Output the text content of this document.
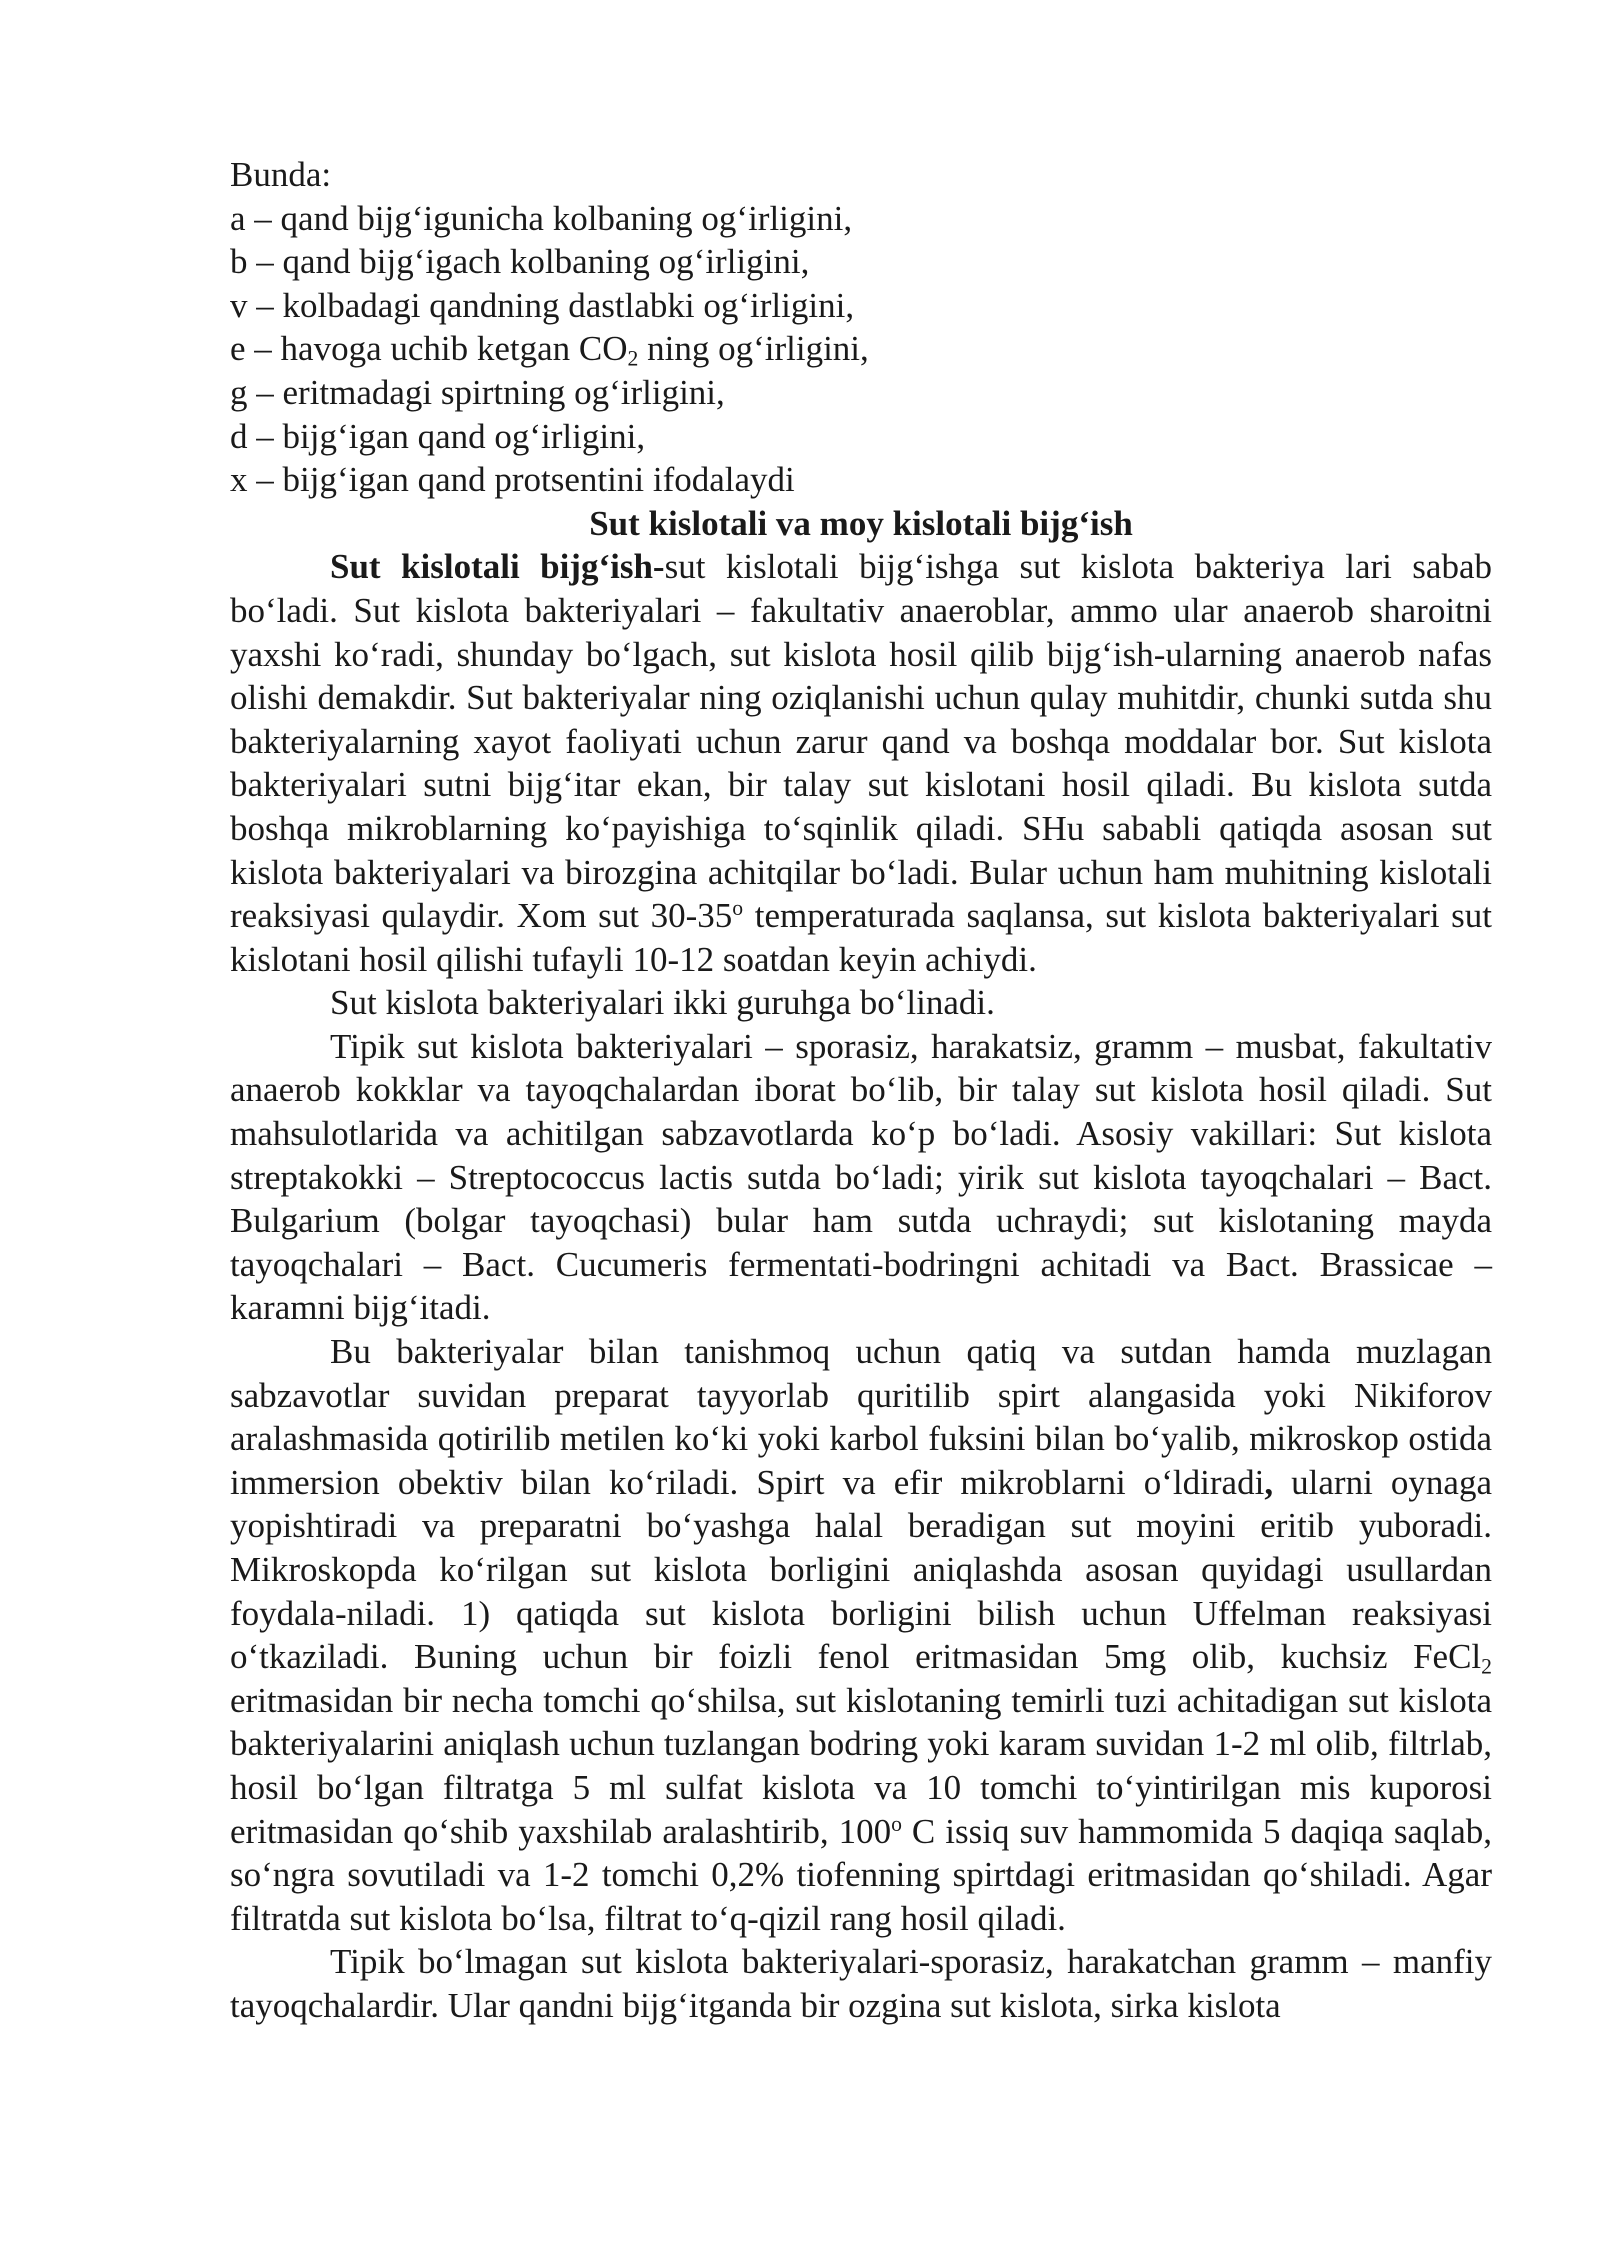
Bunda:

a – qand bijg‘igunicha kolbaning og‘irligini,

b – qand bijg‘igach kolbaning og‘irligini,

v – kolbadagi qandning dastlabki og‘irligini,

e – havoga uchib ketgan $CO_2$ ning og‘irligini,

g – eritmadagi spirtning og‘irligini,

d – bijg‘igan qand og‘irligini,

x – bijg‘igan qand protsentini ifodalaydi

Sut kislotali va moy kislotali bijg‘ish

Sut kislotali bijg‘ish-sut kislotali bijg‘ishga sut kislota bakteriya lari sabab bo‘ladi. Sut kislota bakteriyalari – fakultativ anaeroblar, ammo ular anaerob sharoitni yaxshi ko‘radi, shunday bo‘lgach, sut kislota hosil qilib bijg‘ish-ularning anaerob nafas olishi demakdir. Sut bakteriyalar ning oziqlanishi uchun qulay muhitdir, chunki sutda shu bakteriyalarning xayot faoliyati uchun zarur qand va boshqa moddalar bor. Sut kislota bakteriyalari sutni bijg‘itar ekan, bir talay sut kislotani hosil qiladi. Bu kislota sutda boshqa mikroblarning ko‘payishiga to‘sqinlik qiladi. SHu sababli qatiqda asosan sut kislota bakteriyalari va birozgina achitqilar bo‘ladi. Bular uchun ham muhitning kislotali reaksiyasi qulaydir. Xom sut 30-35$^o$ temperaturada saqlansa, sut kislota bakteriyalari sut kislotani hosil qilishi tufayli 10-12 soatdan keyin achiydi.

Sut kislota bakteriyalari ikki guruhga bo‘linadi.

Tipik sut kislota bakteriyalari – sporasiz, harakatsiz, gramm – musbat, fakultativ anaerob kokklar va tayoqchalardan iborat bo‘lib, bir talay sut kislota hosil qiladi. Sut mahsulotlarida va achitilgan sabzavotlarda ko‘p bo‘ladi. Asosiy vakillari: Sut kislota streptakokki – Streptococcus lactis sutda bo‘ladi; yirik sut kislota tayoqchalari – Bact. Bulgarium (bolgar tayoqchasi) bular ham sutda uchraydi; sut kislotaning mayda tayoqchalari – Bact. Cucumeris fermentati-bodringni achitadi va Bact. Brassicae – karamni bijg‘itadi.

Bu bakteriyalar bilan tanishmoq uchun qatiq va sutdan hamda muzlagan sabzavotlar suvidan preparat tayyorlab quritilib spirt alangasida yoki Nikiforov aralashmasida qotirilib metilen ko‘ki yoki karbol fuksini bilan bo‘yalib, mikroskop ostida immersion obektiv bilan ko‘riladi. Spirt va efir mikroblarni o‘ldiradi, ularni oynaga yopishtiradi va preparatni bo‘yashga halal beradigan sut moyini eritib yuboradi. Mikroskopda ko‘rilgan sut kislota borligini aniqlashda asosan quyidagi usullardan foydala-niladi. 1) qatiqda sut kislota borligini bilish uchun Uffelman reaksiyasi o‘tkaziladi. Buning uchun bir foizli fenol eritmasidan 5mg olib, kuchsiz FeCl$_2$ eritmasidan bir necha tomchi qo‘shilsa, sut kislotaning temirli tuzi achitadigan sut kislota bakteriyalarini aniqlash uchun tuzlangan bodring yoki karam suvidan 1-2 ml olib, filtrlab, hosil bo‘lgan filtratga 5 ml sulfat kislota va 10 tomchi to‘yintirilgan mis kuporosi eritmasidan qo‘shib yaxshilab aralashtirib, 100$^o$ C issiq suv hammomida 5 daqiqa saqlab, so‘ngra sovutiladi va 1-2 tomchi 0,2% tiofenning spirtdagi eritmasidan qo‘shiladi. Agar filtratda sut kislota bo‘lsa, filtrat to‘q-qizil rang hosil qiladi.

Tipik bo‘lmagan sut kislota bakteriyalari-sporasiz, harakatchan gramm – manfiy tayoqchalardir. Ular qandni bijg‘itganda bir ozgina sut kislota, sirka kislota
